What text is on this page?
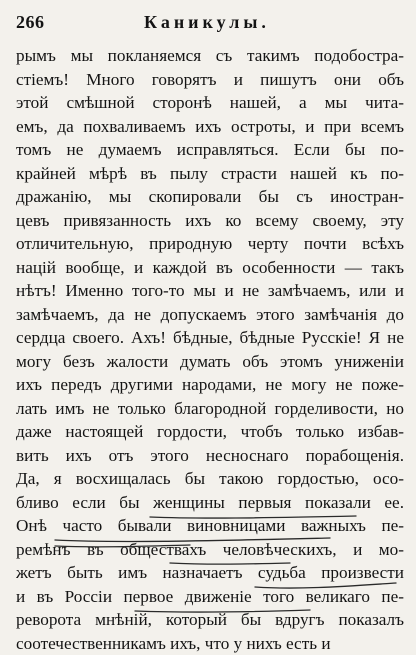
266	Каникулы.
рымъ мы покланяемся съ такимъ подобостра-
стіемъ! Много говорятъ и пишутъ они объ
этой смѣшной сторонѣ нашей, а мы чита-
емъ, да похваливаемъ ихъ остроты, и при всемъ
томъ не думаемъ исправляться. Если бы по-
крайней мѣрѣ въ пылу страсти нашей къ по-
дражанію, мы скопировали бы съ иностран-
цевъ привязанность ихъ ко всему своему, эту
отличительную, природную черту почти всѣхъ
націй вообще, и каждой въ особенности — такъ
нѣтъ! Именно того-то мы и не замѣчаемъ, или и
замѣчаемъ, да не допускаемъ этого замѣчанія до
сердца своего. Ахъ! бѣдные, бѣдные Русскіе! Я не
могу безъ жалости думать объ этомъ униженіи
ихъ передъ другими народами, не могу не поже-
лать имъ не только благородной горделивости, но
даже настоящей гордости, чтобъ только избав-
вить ихъ отъ этого несноснаго порабощенія.
Да, я восхищалась бы такою гордостью, осо-
бливо если бы женщины первыя показали ее.
Онѣ часто бывали виновницами важныхъ пе-
ремѣнъ въ обществахъ человѣческихъ, и мо-
жетъ быть имъ назначаетъ судьба произвести
и въ Россіи первое движеніе того великаго пе-
реворота мнѣній, который бы вдругъ показалъ
соотечественникамъ ихъ, что у нихъ есть и
